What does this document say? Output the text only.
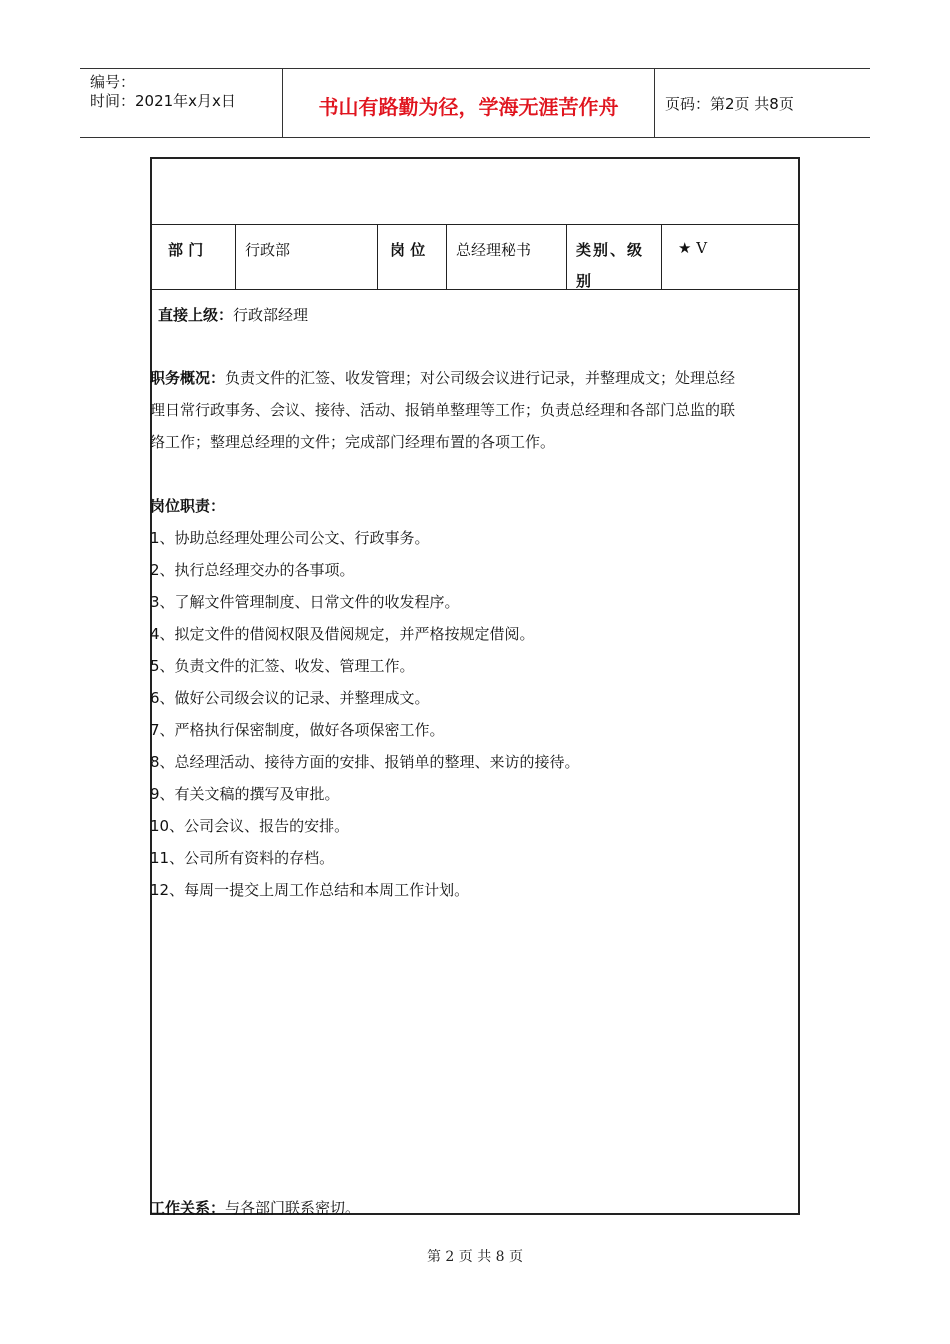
编号：
时间：2021年x月x日	书山有路勤为径，学海无涯苦作舟	页码：第2页 共8页
部 门	行政部	岗 位 总经理秘书	类别、级
别
★ Ⅴ
直接上级：行政部经理
职务概况：负责文件的汇签、收发管理；对公司级会议进行记录，并整理成文；处理总经
理日常行政事务、会议、接待、活动、报销单整理等工作；负责总经理和各部门总监的联
络工作；整理总经理的文件；完成部门经理布置的各项工作。
岗位职责：
1、协助总经理处理公司公文、行政事务。
2、执行总经理交办的各事项。
3、了解文件管理制度、日常文件的收发程序。
4、拟定文件的借阅权限及借阅规定，并严格按规定借阅。
5、负责文件的汇签、收发、管理工作。
6、做好公司级会议的记录、并整理成文。
7、严格执行保密制度，做好各项保密工作。
8、总经理活动、接待方面的安排、报销单的整理、来访的接待。
9、有关文稿的撰写及审批。
10、公司会议、报告的安排。
11、公司所有资料的存档。
12、每周一提交上周工作总结和本周工作计划。
工作关系：与各部门联系密切。
第 2 页 共 8 页
